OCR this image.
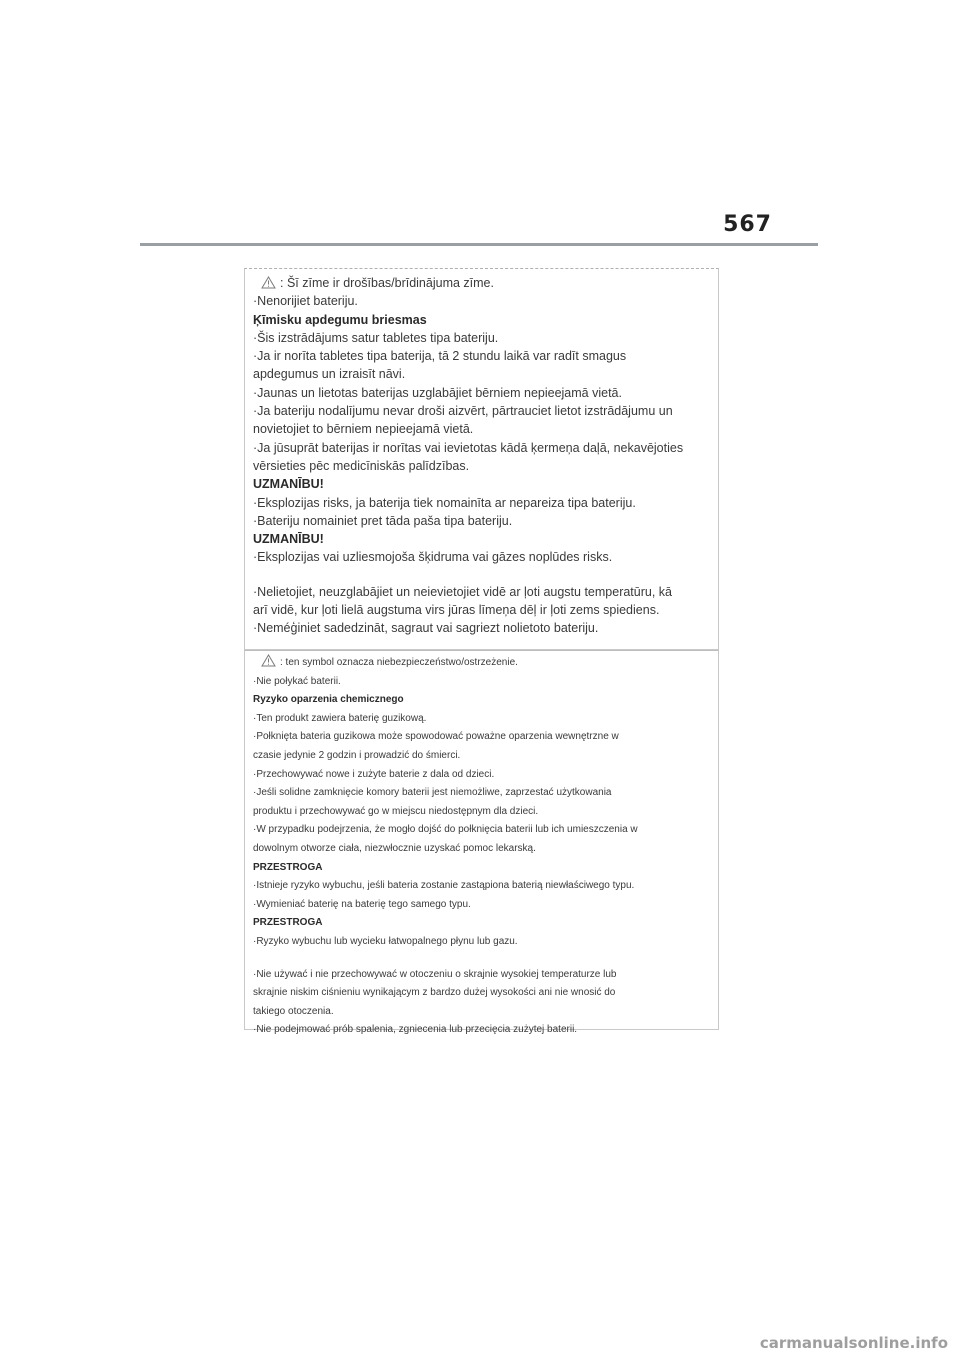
567

: Šī zīme ir drošības/brīdinājuma zīme.

·Nenorijiet bateriju.

Ķīmisku apdegumu briesmas

·Šis izstrādājums satur tabletes tipa bateriju.

·Ja ir norīta tabletes tipa baterija, tā 2 stundu laikā var radīt smagus

apdegumus un izraisīt nāvi.

·Jaunas un lietotas baterijas uzglabājiet bērniem nepieejamā vietā.

·Ja bateriju nodalījumu nevar droši aizvērt, pārtrauciet lietot izstrādājumu un

novietojiet to bērniem nepieejamā vietā.

·Ja jūsuprāt baterijas ir norītas vai ievietotas kādā ķermeņa daļā, nekavējoties

vērsieties pēc medicīniskās palīdzības.

UZMANĪBU!

·Eksplozijas risks, ja baterija tiek nomainīta ar nepareiza tipa bateriju.

·Bateriju nomainiet pret tāda paša tipa bateriju.

UZMANĪBU!

·Eksplozijas vai uzliesmojoša šķidruma vai gāzes noplūdes risks.

·Nelietojiet, neuzglabājiet un neievietojiet vidē ar ļoti augstu temperatūru, kā

arī vidē, kur ļoti lielā augstuma virs jūras līmeņa dēļ ir ļoti zems spiediens.

·Neméģiniet sadedzināt, sagraut vai sagriezt nolietoto bateriju.

: ten symbol oznacza niebezpieczeństwo/ostrzeżenie.

·Nie połykać baterii.

Ryzyko oparzenia chemicznego

·Ten produkt zawiera baterię guzikową.

·Połknięta bateria guzikowa może spowodować poważne oparzenia wewnętrzne w

czasie jedynie 2 godzin i prowadzić do śmierci.

·Przechowywać nowe i zużyte baterie z dala od dzieci.

·Jeśli solidne zamknięcie komory baterii jest niemożliwe, zaprzestać użytkowania

produktu i przechowywać go w miejscu niedostępnym dla dzieci.

·W przypadku podejrzenia, że mogło dojść do połknięcia baterii lub ich umieszczenia w

dowolnym otworze ciała, niezwłocznie uzyskać pomoc lekarską.

PRZESTROGA

·Istnieje ryzyko wybuchu, jeśli bateria zostanie zastąpiona baterią niewłaściwego typu.

·Wymieniać baterię na baterię tego samego typu.

PRZESTROGA

·Ryzyko wybuchu lub wycieku łatwopalnego płynu lub gazu.

·Nie używać i nie przechowywać w otoczeniu o skrajnie wysokiej temperaturze lub

skrajnie niskim ciśnieniu wynikającym z bardzo dużej wysokości ani nie wnosić do

takiego otoczenia.

·Nie podejmować prób spalenia, zgniecenia lub przecięcia zużytej baterii.

carmanualsonline.info
